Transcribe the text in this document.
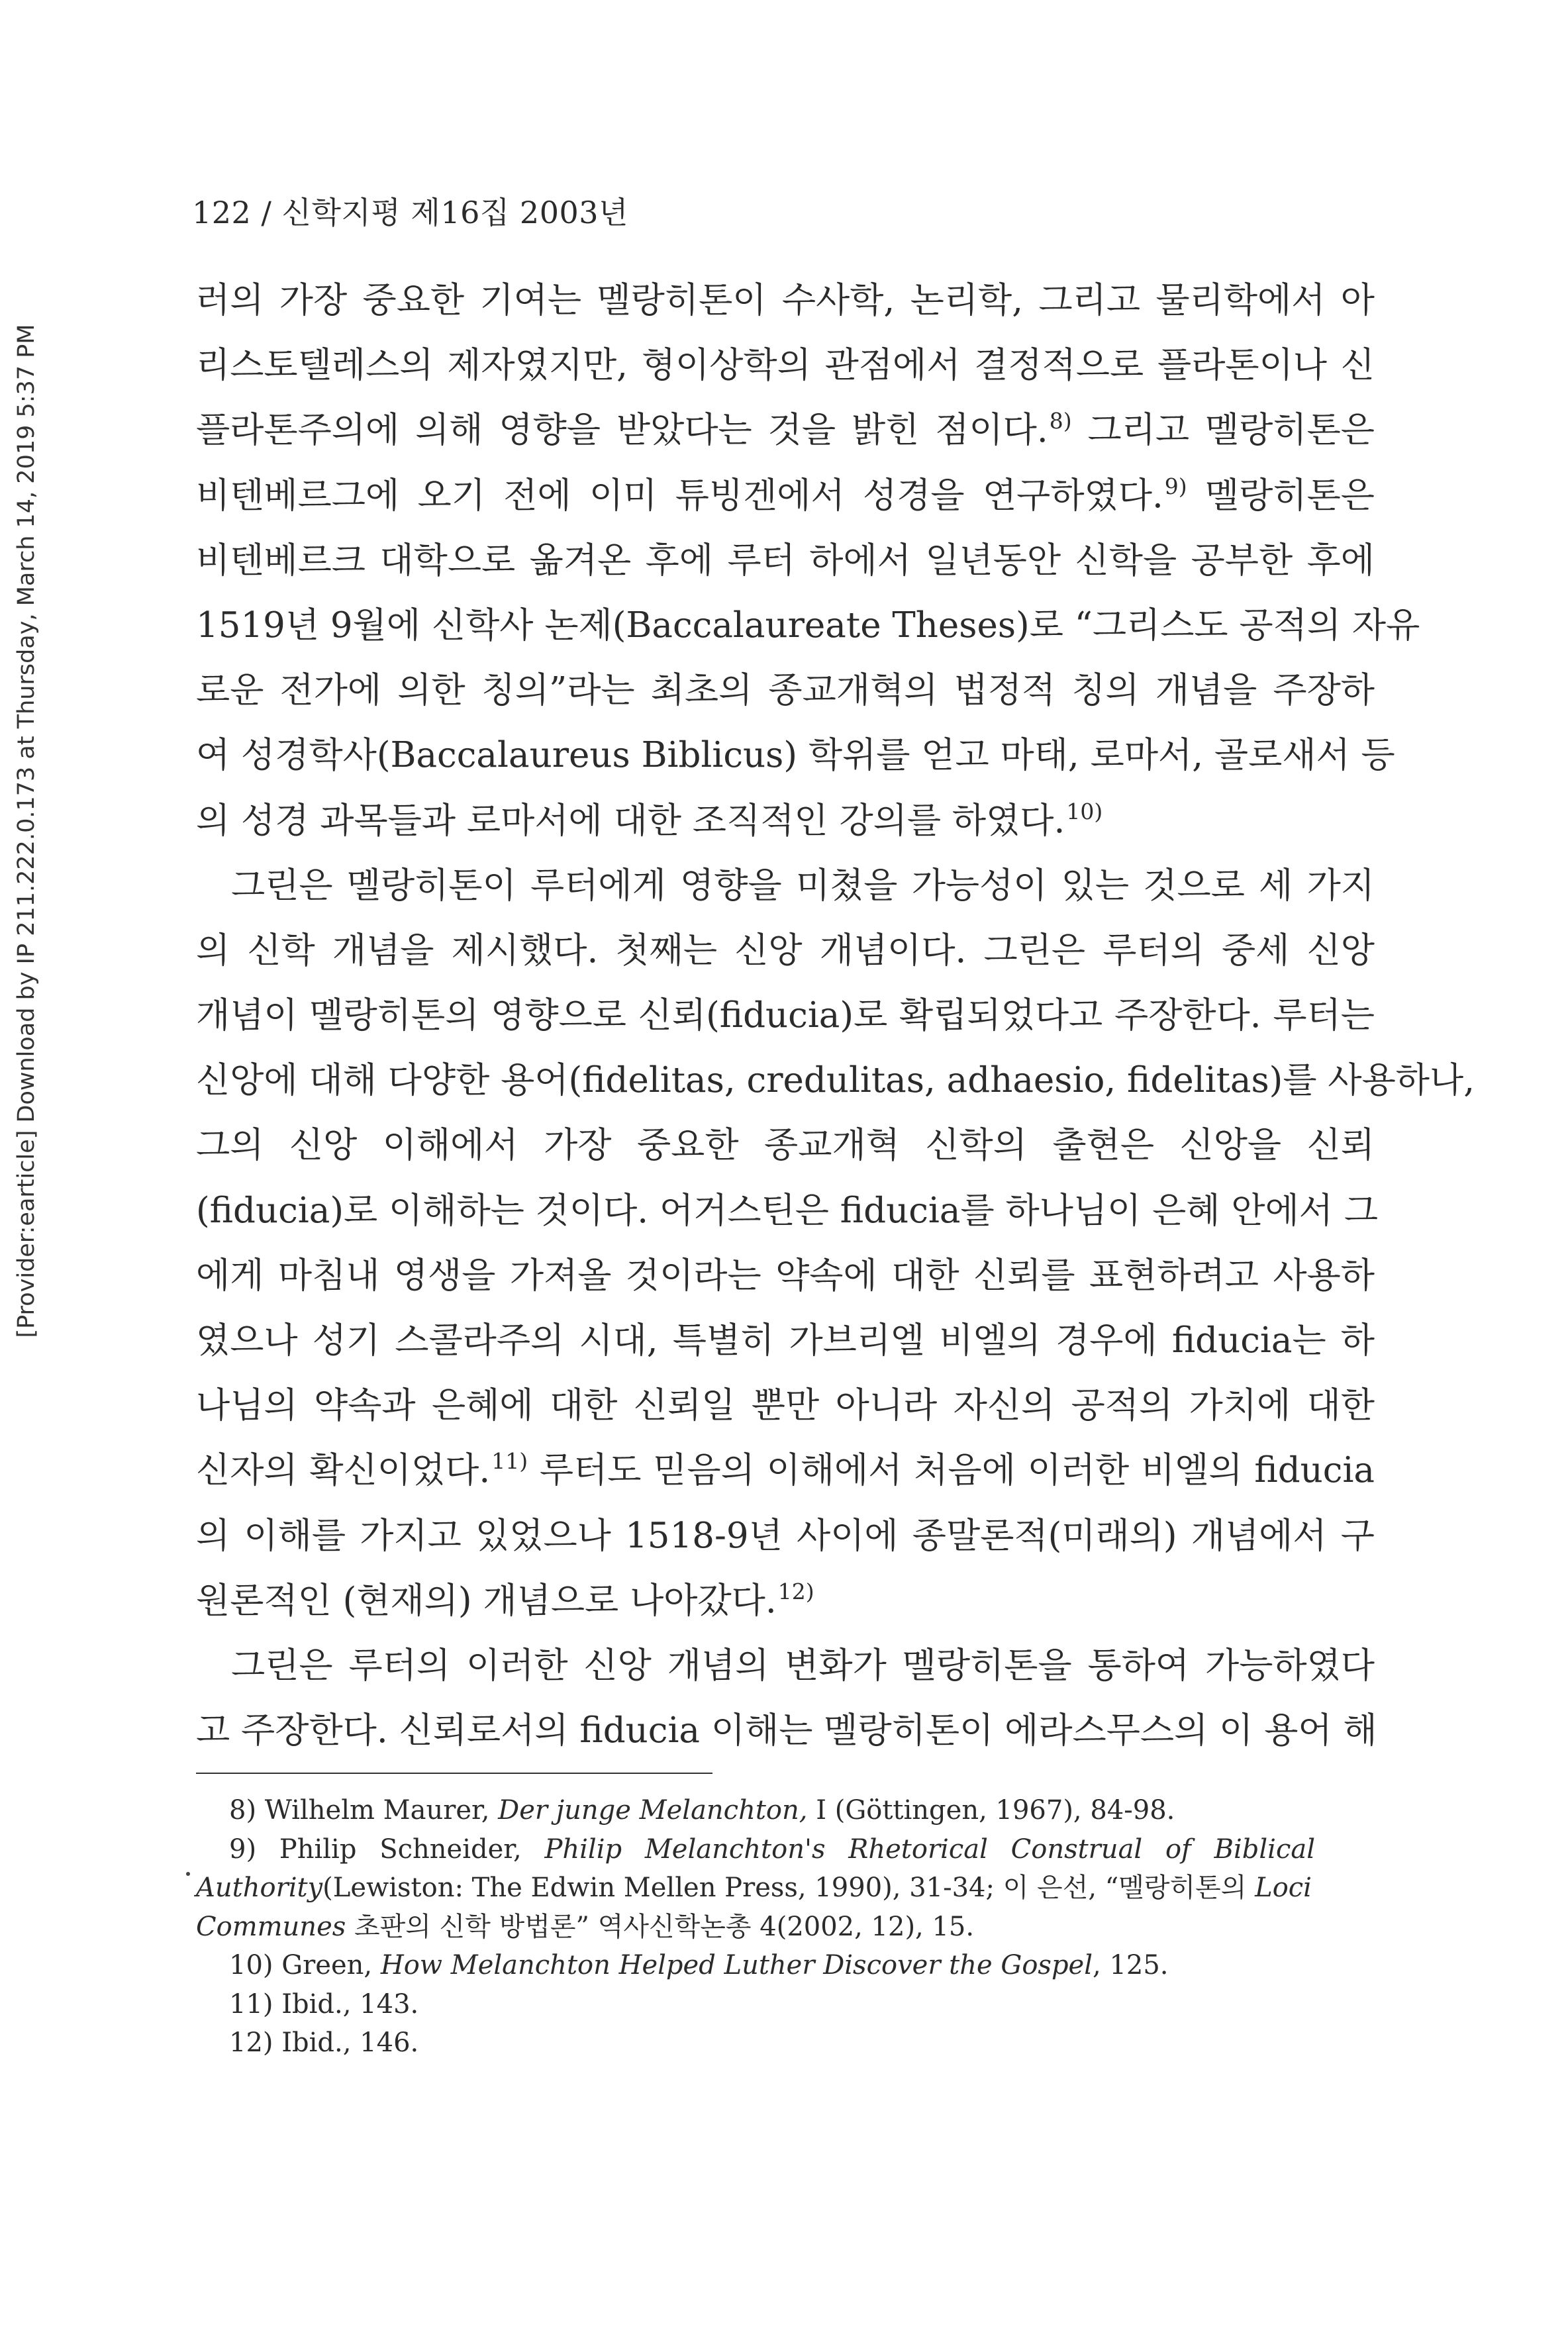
122 / 신학지평 제16집 2003년
[Provider:earticle] Download by IP 211.222.0.173 at Thursday, March 14, 2019 5:37 PM
러의 가장 중요한 기여는 멜랑히톤이 수사학, 논리학, 그리고 물리학에서 아
리스토텔레스의 제자였지만, 형이상학의 관점에서 결정적으로 플라톤이나 신
플라톤주의에 의해 영향을 받았다는 것을 밝힌 점이다.$^{8)}$ 그리고 멜랑히톤은
비텐베르그에 오기 전에 이미 튜빙겐에서 성경을 연구하였다.$^{9)}$ 멜랑히톤은
비텐베르크 대학으로 옮겨온 후에 루터 하에서 일년동안 신학을 공부한 후에
1519년 9월에 신학사 논제(Baccalaureate Theses)로 “그리스도 공적의 자유
로운 전가에 의한 칭의”라는 최초의 종교개혁의 법정적 칭의 개념을 주장하
여 성경학사(Baccalaureus Biblicus) 학위를 얻고 마태, 로마서, 골로새서 등
의 성경 과목들과 로마서에 대한 조직적인 강의를 하였다.$^{10)}$
그린은 멜랑히톤이 루터에게 영향을 미쳤을 가능성이 있는 것으로 세 가지
의 신학 개념을 제시했다. 첫째는 신앙 개념이다. 그린은 루터의 중세 신앙
개념이 멜랑히톤의 영향으로 신뢰(fiducia)로 확립되었다고 주장한다. 루터는
신앙에 대해 다양한 용어(fidelitas, credulitas, adhaesio, fidelitas)를 사용하나,
그의 신앙 이해에서 가장 중요한 종교개혁 신학의 출현은 신앙을 신뢰
(fiducia)로 이해하는 것이다. 어거스틴은 fiducia를 하나님이 은혜 안에서 그
에게 마침내 영생을 가져올 것이라는 약속에 대한 신뢰를 표현하려고 사용하
였으나 성기 스콜라주의 시대, 특별히 가브리엘 비엘의 경우에 fiducia는 하
나님의 약속과 은혜에 대한 신뢰일 뿐만 아니라 자신의 공적의 가치에 대한
신자의 확신이었다.$^{11)}$ 루터도 믿음의 이해에서 처음에 이러한 비엘의 fiducia
의 이해를 가지고 있었으나 1518-9년 사이에 종말론적(미래의) 개념에서 구
원론적인 (현재의) 개념으로 나아갔다.$^{12)}$
그린은 루터의 이러한 신앙 개념의 변화가 멜랑히톤을 통하여 가능하였다
고 주장한다. 신뢰로서의 fiducia 이해는 멜랑히톤이 에라스무스의 이 용어 해
8) Wilhelm Maurer, Der junge Melanchton, I (Göttingen, 1967), 84-98.
9) Philip Schneider, Philip Melanchton's Rhetorical Construal of Biblical
Authority(Lewiston: The Edwin Mellen Press, 1990), 31-34; 이 은선, “멜랑히톤의 Loci
Communes 초판의 신학 방법론” 역사신학논총 4(2002, 12), 15.
10) Green, How Melanchton Helped Luther Discover the Gospel, 125.
11) Ibid., 143.
12) Ibid., 146.
